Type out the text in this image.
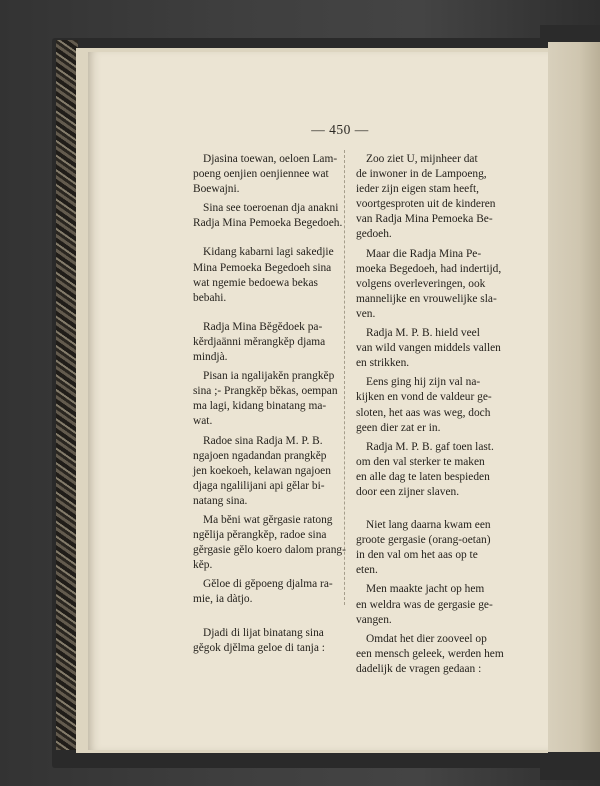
— 450 —

Djasina toewan, oeloen Lam-
poeng oenjien oenjiennee wat
Boewajni.

Sina see toeroenan dja anakni
Radja Mina Pemoeka Begedoeh.

Kidang kabarni lagi sakedjie
Mina Pemoeka Begedoeh sina
wat ngemie bedoewa bekas
bebahi.

Radja Mina Bĕgĕdoek pa-
kĕrdjaänni mĕrangkĕp djama
mindjà.

Pisan ia ngalijakĕn prangkĕp
sina ;- Prangkĕp bĕkas, oempan
ma lagi, kidang binatang ma-
wat.

Radoe sina Radja M. P. B.
ngajoen ngadandan prangkĕp
jen koekoeh, kelawan ngajoen
djaga ngalilijani api gĕlar bi-
natang sina.

Ma bĕni wat gĕrgasie ratong
ngĕlija pĕrangkĕp, radoe sina
gĕrgasie gĕlo koero dalom prang-
kĕp.

Gĕloe di gĕpoeng djalma ra-
mie, ia dàtjo.

Djadi di lijat binatang sina
gĕgok djĕlma geloe di tanja :

Zoo ziet U, mijnheer dat
de inwoner in de Lampoeng,
ieder zijn eigen stam heeft,
voortgesproten uit de kinderen
van Radja Mina Pemoeka Be-
gedoeh.

Maar die Radja Mina Pe-
moeka Begedoeh, had indertijd,
volgens overleveringen, ook
mannelijke en vrouwelijke sla-
ven.

Radja M. P. B. hield veel
van wild vangen middels vallen
en strikken.

Eens ging hij zijn val na-
kijken en vond de valdeur ge-
sloten, het aas was weg, doch
geen dier zat er in.

Radja M. P. B. gaf toen last.
om den val sterker te maken
en alle dag te laten bespieden
door een zijner slaven.

Niet lang daarna kwam een
groote gergasie (orang-oetan)
in den val om het aas op te
eten.

Men maakte jacht op hem
en weldra was de gergasie ge-
vangen.

Omdat het dier zooveel op
een mensch geleek, werden hem
dadelijk de vragen gedaan :
